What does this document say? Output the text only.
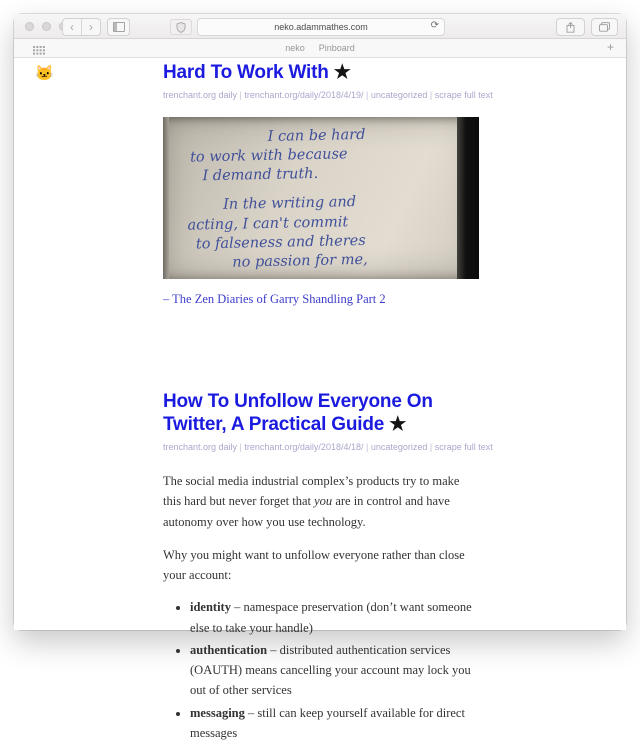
‹ ›	neko.adammathes.com	⟳
neko Pinboard	+
🐱	Hard To Work With ★
trenchant.org daily | trenchant.org/daily/2018/4/19/ | uncategorized | scrape full text
I can be hard
to work with because
I demand truth.
In the writing and
acting, I can't commit
to falseness and theres
no passion for me,
– The Zen Diaries of Garry Shandling Part 2
How To Unfollow Everyone On Twitter, A Practical Guide ★
trenchant.org daily | trenchant.org/daily/2018/4/18/ | uncategorized | scrape full text

The social media industrial complex’s products try to make this hard but never forget that you are in control and have autonomy over how you use technology.

Why you might want to unfollow everyone rather than close your account:

• identity – namespace preservation (don’t want someone else to take your handle)
• authentication – distributed authentication services (OAUTH) means cancelling your account may lock you out of other services
• messaging – still can keep yourself available for direct messages
